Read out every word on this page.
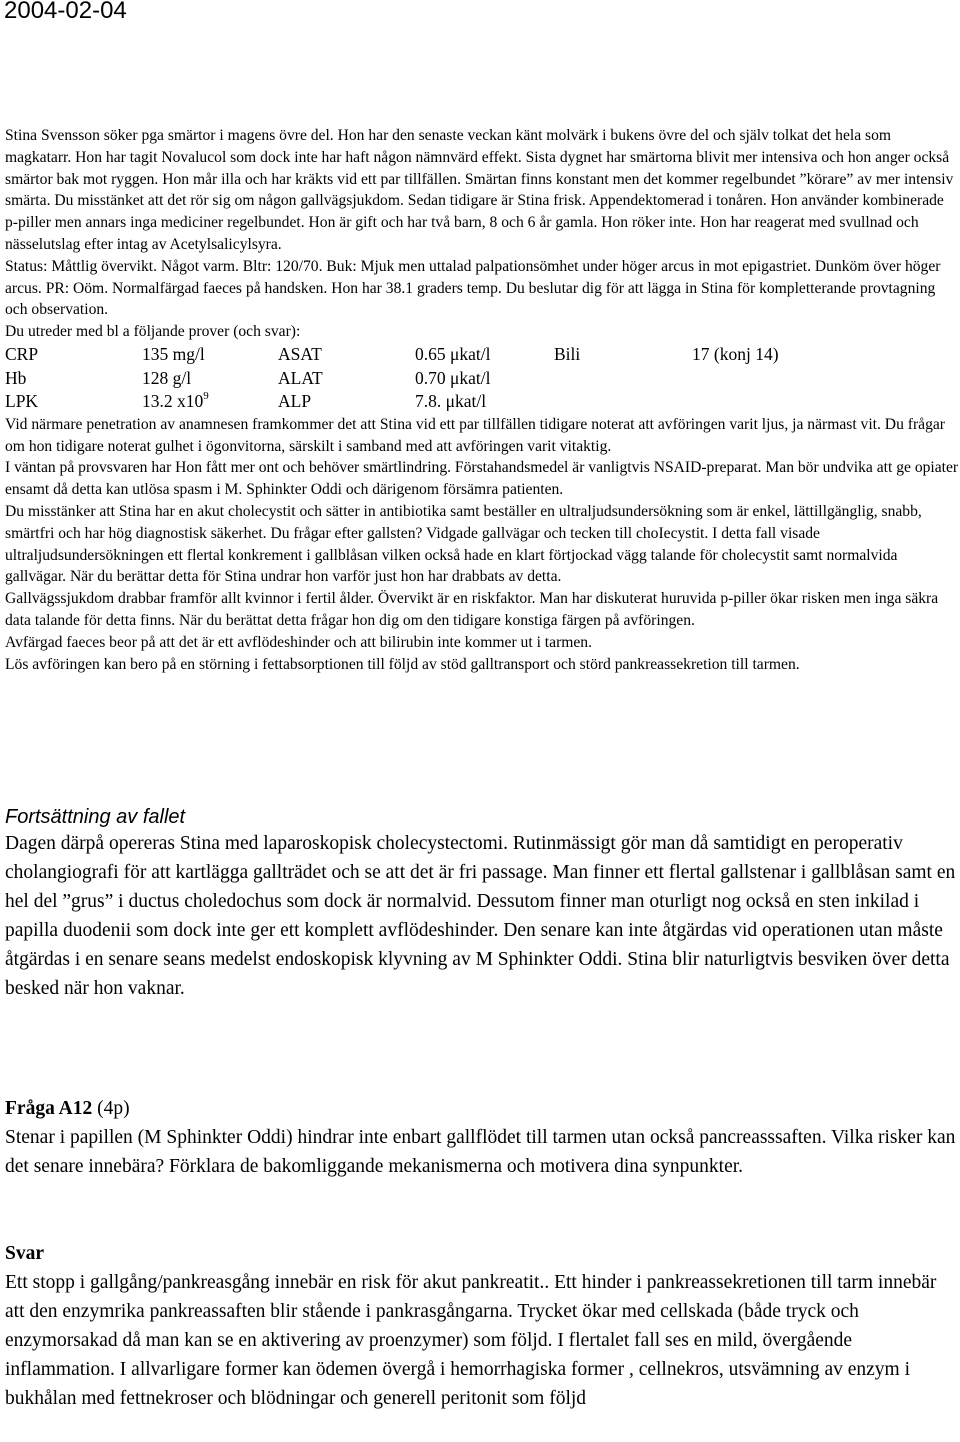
2004-02-04

Stina Svensson söker pga smärtor i magens övre del. Hon har den senaste veckan känt molvärk i bukens övre del och själv tolkat det hela som magkatarr. Hon har tagit Novalucol som dock inte har haft någon nämnvärd effekt. Sista dygnet har smärtorna blivit mer intensiva och hon anger också smärtor bak mot ryggen. Hon mår illa och har kräkts vid ett par tillfällen. Smärtan finns konstant men det kommer regelbundet ”körare” av mer intensiv smärta. Du misstänket att det rör sig om någon gallvägsjukdom. Sedan tidigare är Stina frisk. Appendektomerad i tonåren. Hon använder kombinerade p-piller men annars inga mediciner regelbundet. Hon är gift och har två barn, 8 och 6 år gamla. Hon röker inte. Hon har reagerat med svullnad och nässelutslag efter intag av Acetylsalicylsyra.

Status: Måttlig övervikt. Något varm. Bltr: 120/70. Buk: Mjuk men uttalad palpationsömhet under höger arcus in mot epigastriet. Dunköm över höger arcus. PR: Oöm. Normalfärgad faeces på handsken. Hon har 38.1 graders temp. Du beslutar dig för att lägga in Stina för kompletterande provtagning och observation.

Du utreder med bl a följande prover (och svar):

CRP	135 mg/l	ASAT	0.65 μkat/l	Bili	17 (konj 14)
Hb	128 g/l	ALAT	0.70 μkat/l		
LPK	13.2 $x10^9$	ALP	7.8. μkat/l		

Vid närmare penetration av anamnesen framkommer det att Stina vid ett par tillfällen tidigare noterat att avföringen varit ljus, ja närmast vit. Du frågar om hon tidigare noterat gulhet i ögonvitorna, särskilt i samband med att avföringen varit vitaktig.

I väntan på provsvaren har Hon fått mer ont och behöver smärtlindring. Förstahandsmedel är vanligtvis NSAID-preparat. Man bör undvika att ge opiater ensamt då detta kan utlösa spasm i M. Sphinkter Oddi och därigenom försämra patienten.

Du misstänker att Stina har en akut cholecystit och sätter in antibiotika samt beställer en ultraljudsundersökning som är enkel, lättillgänglig, snabb, smärtfri och har hög diagnostisk säkerhet. Du frågar efter gallsten? Vidgade gallvägar och tecken till choIecystit. I detta fall visade ultraljudsundersökningen ett flertal konkrement i gallblåsan vilken också hade en klart förtjockad vägg talande för cholecystit samt normalvida gallvägar. När du berättar detta för Stina undrar hon varför just hon har drabbats av detta.

Gallvägssjukdom drabbar framför allt kvinnor i fertil ålder. Övervikt är en riskfaktor. Man har diskuterat huruvida p-piller ökar risken men inga säkra data talande för detta finns. När du berättat detta frågar hon dig om den tidigare konstiga färgen på avföringen.

Avfärgad faeces beor på att det är ett avflödeshinder och att bilirubin inte kommer ut i tarmen.

Lös avföringen kan bero på en störning i fettabsorptionen till följd av stöd galltransport och störd pankreassekretion till tarmen.

Fortsättning av fallet

Dagen därpå opereras Stina med laparoskopisk cholecystectomi. Rutinmässigt gör man då samtidigt en peroperativ cholangiografi för att kartlägga gallträdet och se att det är fri passage. Man finner ett flertal gallstenar i gallblåsan samt en hel del ”grus” i ductus choledochus som dock är normalvid. Dessutom finner man oturligt nog också en sten inkilad i papilla duodenii som dock inte ger ett komplett avflödeshinder. Den senare kan inte åtgärdas vid operationen utan måste åtgärdas i en senare seans medelst endoskopisk klyvning av M Sphinkter Oddi. Stina blir naturligtvis besviken över detta besked när hon vaknar.

Fråga A12 (4p)

Stenar i papillen (M Sphinkter Oddi) hindrar inte enbart gallflödet till tarmen utan också pancreasssaften. Vilka risker kan det senare innebära? Förklara de bakomliggande mekanismerna och motivera dina synpunkter.

Svar

Ett stopp i gallgång/pankreasgång innebär en risk för akut pankreatit.. Ett hinder i pankreassekretionen till tarm innebär att den enzymrika pankreassaften blir stående i pankrasgångarna. Trycket ökar med cellskada (både tryck och enzymorsakad då man kan se en aktivering av proenzymer) som följd. I flertalet fall ses en mild, övergående inflammation. I allvarligare former kan ödemen övergå i hemorrhagiska former , cellnekros, utsvämning av enzym i bukhålan med fettnekroser och blödningar och generell peritonit som följd
